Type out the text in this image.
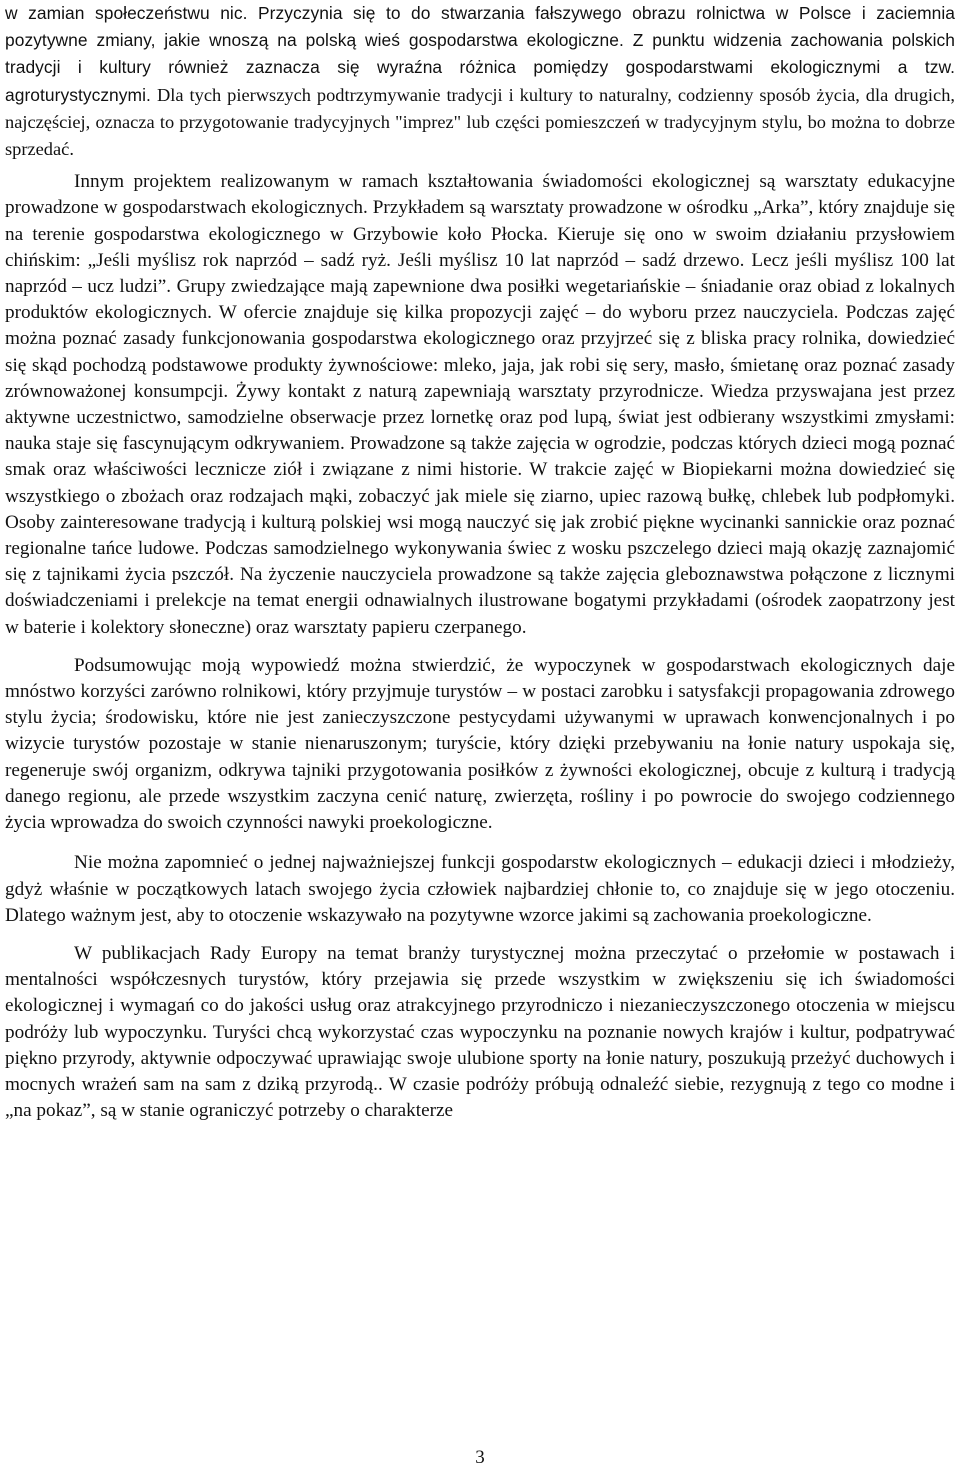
w zamian społeczeństwu nic. Przyczynia się to do stwarzania fałszywego obrazu rolnictwa w Polsce i zaciemnia pozytywne zmiany, jakie wnoszą na polską wieś gospodarstwa ekologiczne. Z punktu widzenia zachowania polskich tradycji i kultury również zaznacza się wyraźna różnica pomiędzy gospodarstwami ekologicznymi a tzw. agroturystycznymi. Dla tych pierwszych podtrzymywanie tradycji i kultury to naturalny, codzienny sposób życia, dla drugich, najczęściej, oznacza to przygotowanie tradycyjnych "imprez" lub części pomieszczeń w tradycyjnym stylu, bo można to dobrze sprzedać.

Innym projektem realizowanym w ramach kształtowania świadomości ekologicznej są warsztaty edukacyjne prowadzone w gospodarstwach ekologicznych. Przykładem są warsztaty prowadzone w ośrodku „Arka”, który znajduje się na terenie gospodarstwa ekologicznego w Grzybowie koło Płocka. Kieruje się ono w swoim działaniu przysłowiem chińskim: „Jeśli myślisz rok naprzód – sadź ryż. Jeśli myślisz 10 lat naprzód – sadź drzewo. Lecz jeśli myślisz 100 lat naprzód – ucz ludzi”. Grupy zwiedzające mają zapewnione dwa posiłki wegetariańskie – śniadanie oraz obiad z lokalnych produktów ekologicznych. W ofercie znajduje się kilka propozycji zajęć – do wyboru przez nauczyciela. Podczas zajęć można poznać zasady funkcjonowania gospodarstwa ekologicznego oraz przyjrzeć się z bliska pracy rolnika, dowiedzieć się skąd pochodzą podstawowe produkty żywnościowe: mleko, jaja, jak robi się sery, masło, śmietanę oraz poznać zasady zrównoważonej konsumpcji. Żywy kontakt z naturą zapewniają warsztaty przyrodnicze. Wiedza przyswajana jest przez aktywne uczestnictwo, samodzielne obserwacje przez lornetkę oraz pod lupą, świat jest odbierany wszystkimi zmysłami: nauka staje się fascynującym odkrywaniem. Prowadzone są także zajęcia w ogrodzie, podczas których dzieci mogą poznać smak oraz właściwości lecznicze ziół i związane z nimi historie. W trakcie zajęć w Biopiekarni można dowiedzieć się wszystkiego o zbożach oraz rodzajach mąki, zobaczyć jak miele się ziarno, upiec razową bułkę, chlebek lub podpłomyki. Osoby zainteresowane tradycją i kulturą polskiej wsi mogą nauczyć się jak zrobić piękne wycinanki sannickie oraz poznać regionalne tańce ludowe. Podczas samodzielnego wykonywania świec z wosku pszczelego dzieci mają okazję zaznajomić się z tajnikami życia pszczół. Na życzenie nauczyciela prowadzone są także zajęcia gleboznawstwa połączone z licznymi doświadczeniami i prelekcje na temat energii odnawialnych ilustrowane bogatymi przykładami (ośrodek zaopatrzony jest w baterie i kolektory słoneczne) oraz warsztaty papieru czerpanego.

Podsumowując moją wypowiedź można stwierdzić, że wypoczynek w gospodarstwach ekologicznych daje mnóstwo korzyści zarówno rolnikowi, który przyjmuje turystów – w postaci zarobku i satysfakcji propagowania zdrowego stylu życia; środowisku, które nie jest zanieczyszczone pestycydami używanymi w uprawach konwencjonalnych i po wizycie turystów pozostaje w stanie nienaruszonym; turyście, który dzięki przebywaniu na łonie natury uspokaja się, regeneruje swój organizm, odkrywa tajniki przygotowania posiłków z żywności ekologicznej, obcuje z kulturą i tradycją danego regionu, ale przede wszystkim zaczyna cenić naturę, zwierzęta, rośliny i po powrocie do swojego codziennego życia wprowadza do swoich czynności nawyki proekologiczne.

Nie można zapomnieć o jednej najważniejszej funkcji gospodarstw ekologicznych – edukacji dzieci i młodzieży, gdyż właśnie w początkowych latach swojego życia człowiek najbardziej chłonie to, co znajduje się w jego otoczeniu. Dlatego ważnym jest, aby to otoczenie wskazywało na pozytywne wzorce jakimi są zachowania proekologiczne.

W publikacjach Rady Europy na temat branży turystycznej można przeczytać o przełomie w postawach i mentalności współczesnych turystów, który przejawia się przede wszystkim w zwiększeniu się ich świadomości ekologicznej i wymagań co do jakości usług oraz atrakcyjnego przyrodniczo i niezanieczyszczonego otoczenia w miejscu podróży lub wypoczynku. Turyści chcą wykorzystać czas wypoczynku na poznanie nowych krajów i kultur, podpatrywać piękno przyrody, aktywnie odpoczywać uprawiając swoje ulubione sporty na łonie natury, poszukują przeżyć duchowych i mocnych wrażeń sam na sam z dziką przyrodą.. W czasie podróży próbują odnaleźć siebie, rezygnują z tego co modne i „na pokaz”, są w stanie ograniczyć potrzeby o charakterze

3
